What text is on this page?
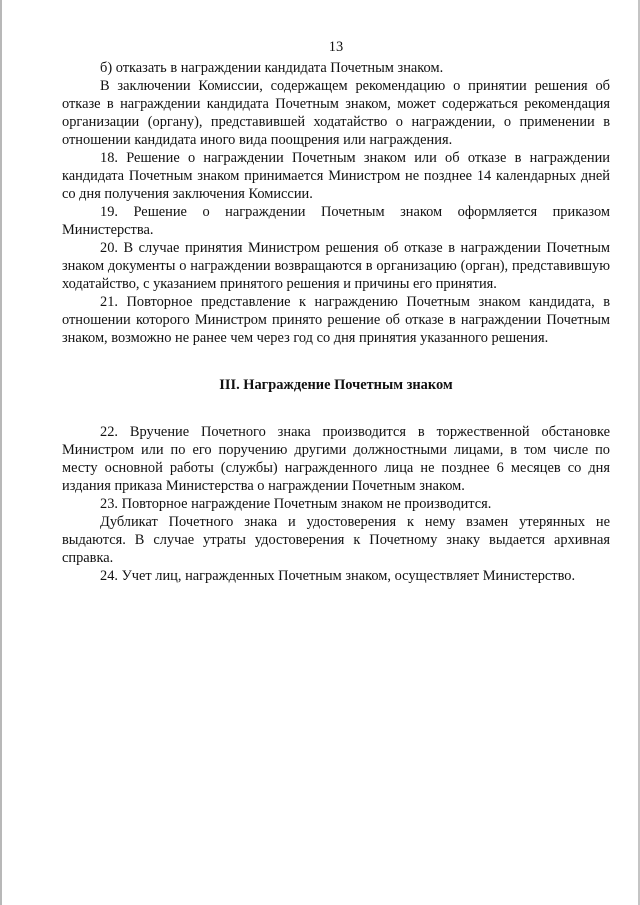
13

б) отказать в награждении кандидата Почетным знаком.

В заключении Комиссии, содержащем рекомендацию о принятии решения об отказе в награждении кандидата Почетным знаком, может содержаться рекомендация организации (органу), представившей ходатайство о награждении, о применении в отношении кандидата иного вида поощрения или награждения.

18. Решение о награждении Почетным знаком или об отказе в награждении кандидата Почетным знаком принимается Министром не позднее 14 календарных дней со дня получения заключения Комиссии.

19. Решение о награждении Почетным знаком оформляется приказом Министерства.

20. В случае принятия Министром решения об отказе в награждении Почетным знаком документы о награждении возвращаются в организацию (орган), представившую ходатайство, с указанием принятого решения и причины его принятия.

21. Повторное представление к награждению Почетным знаком кандидата, в отношении которого Министром принято решение об отказе в награждении Почетным знаком, возможно не ранее чем через год со дня принятия указанного решения.

III. Награждение Почетным знаком

22. Вручение Почетного знака производится в торжественной обстановке Министром или по его поручению другими должностными лицами, в том числе по месту основной работы (службы) награжденного лица не позднее 6 месяцев со дня издания приказа Министерства о награждении Почетным знаком.

23. Повторное награждение Почетным знаком не производится.

Дубликат Почетного знака и удостоверения к нему взамен утерянных не выдаются. В случае утраты удостоверения к Почетному знаку выдается архивная справка.

24. Учет лиц, награжденных Почетным знаком, осуществляет Министерство.
